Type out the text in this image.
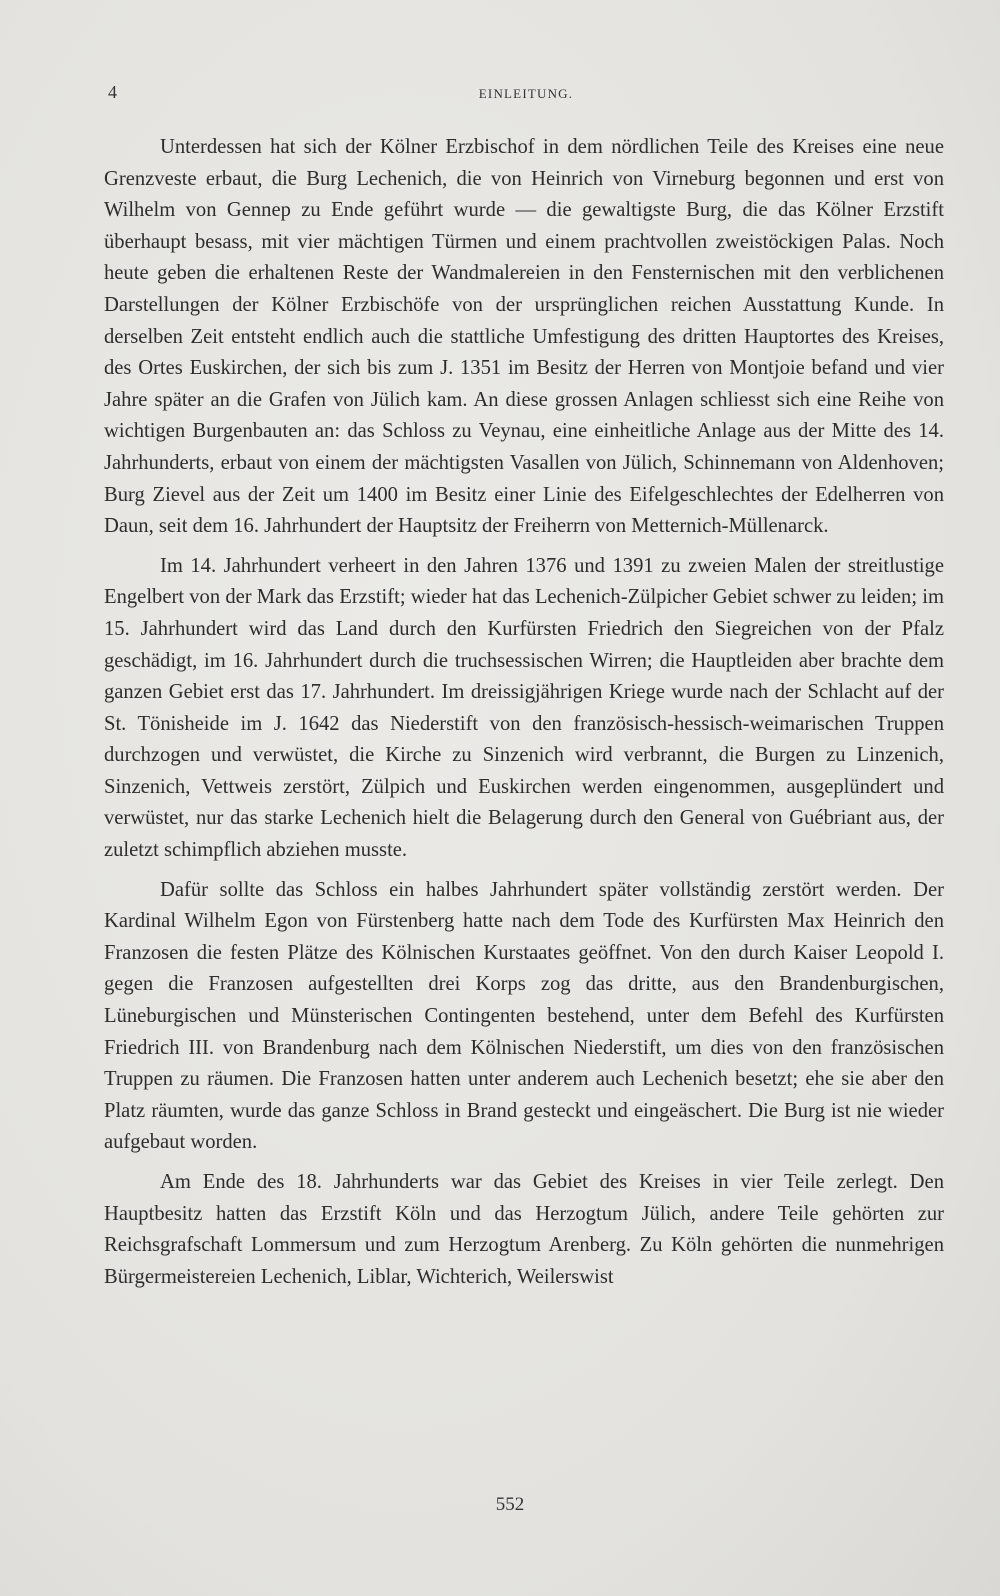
4	EINLEITUNG.

Unterdessen hat sich der Kölner Erzbischof in dem nördlichen Teile des Kreises eine neue Grenzveste erbaut, die Burg Lechenich, die von Heinrich von Virneburg begonnen und erst von Wilhelm von Gennep zu Ende geführt wurde — die gewaltigste Burg, die das Kölner Erzstift überhaupt besass, mit vier mächtigen Türmen und einem prachtvollen zweistöckigen Palas. Noch heute geben die erhaltenen Reste der Wandmalereien in den Fensternischen mit den verblichenen Darstellungen der Kölner Erzbischöfe von der ursprünglichen reichen Ausstattung Kunde. In derselben Zeit entsteht endlich auch die stattliche Umfestigung des dritten Hauptortes des Kreises, des Ortes Euskirchen, der sich bis zum J. 1351 im Besitz der Herren von Montjoie befand und vier Jahre später an die Grafen von Jülich kam. An diese grossen Anlagen schliesst sich eine Reihe von wichtigen Burgenbauten an: das Schloss zu Veynau, eine einheitliche Anlage aus der Mitte des 14. Jahrhunderts, erbaut von einem der mächtigsten Vasallen von Jülich, Schinnemann von Aldenhoven; Burg Zievel aus der Zeit um 1400 im Besitz einer Linie des Eifelgeschlechtes der Edelherren von Daun, seit dem 16. Jahrhundert der Hauptsitz der Freiherrn von Metternich-Müllenarck.

Im 14. Jahrhundert verheert in den Jahren 1376 und 1391 zu zweien Malen der streitlustige Engelbert von der Mark das Erzstift; wieder hat das Lechenich-Zülpicher Gebiet schwer zu leiden; im 15. Jahrhundert wird das Land durch den Kurfürsten Friedrich den Siegreichen von der Pfalz geschädigt, im 16. Jahrhundert durch die truchsessischen Wirren; die Hauptleiden aber brachte dem ganzen Gebiet erst das 17. Jahrhundert. Im dreissigjährigen Kriege wurde nach der Schlacht auf der St. Tönisheide im J. 1642 das Niederstift von den französisch-hessisch-weimarischen Truppen durchzogen und verwüstet, die Kirche zu Sinzenich wird verbrannt, die Burgen zu Linzenich, Sinzenich, Vettweis zerstört, Zülpich und Euskirchen werden eingenommen, ausgeplündert und verwüstet, nur das starke Lechenich hielt die Belagerung durch den General von Guébriant aus, der zuletzt schimpflich abziehen musste.

Dafür sollte das Schloss ein halbes Jahrhundert später vollständig zerstört werden. Der Kardinal Wilhelm Egon von Fürstenberg hatte nach dem Tode des Kurfürsten Max Heinrich den Franzosen die festen Plätze des Kölnischen Kurstaates geöffnet. Von den durch Kaiser Leopold I. gegen die Franzosen aufgestellten drei Korps zog das dritte, aus den Brandenburgischen, Lüneburgischen und Münsterischen Contingenten bestehend, unter dem Befehl des Kurfürsten Friedrich III. von Brandenburg nach dem Kölnischen Niederstift, um dies von den französischen Truppen zu räumen. Die Franzosen hatten unter anderem auch Lechenich besetzt; ehe sie aber den Platz räumten, wurde das ganze Schloss in Brand gesteckt und eingeäschert. Die Burg ist nie wieder aufgebaut worden.

Am Ende des 18. Jahrhunderts war das Gebiet des Kreises in vier Teile zerlegt. Den Hauptbesitz hatten das Erzstift Köln und das Herzogtum Jülich, andere Teile gehörten zur Reichsgrafschaft Lommersum und zum Herzogtum Arenberg. Zu Köln gehörten die nunmehrigen Bürgermeistereien Lechenich, Liblar, Wichterich, Weilerswist

552
